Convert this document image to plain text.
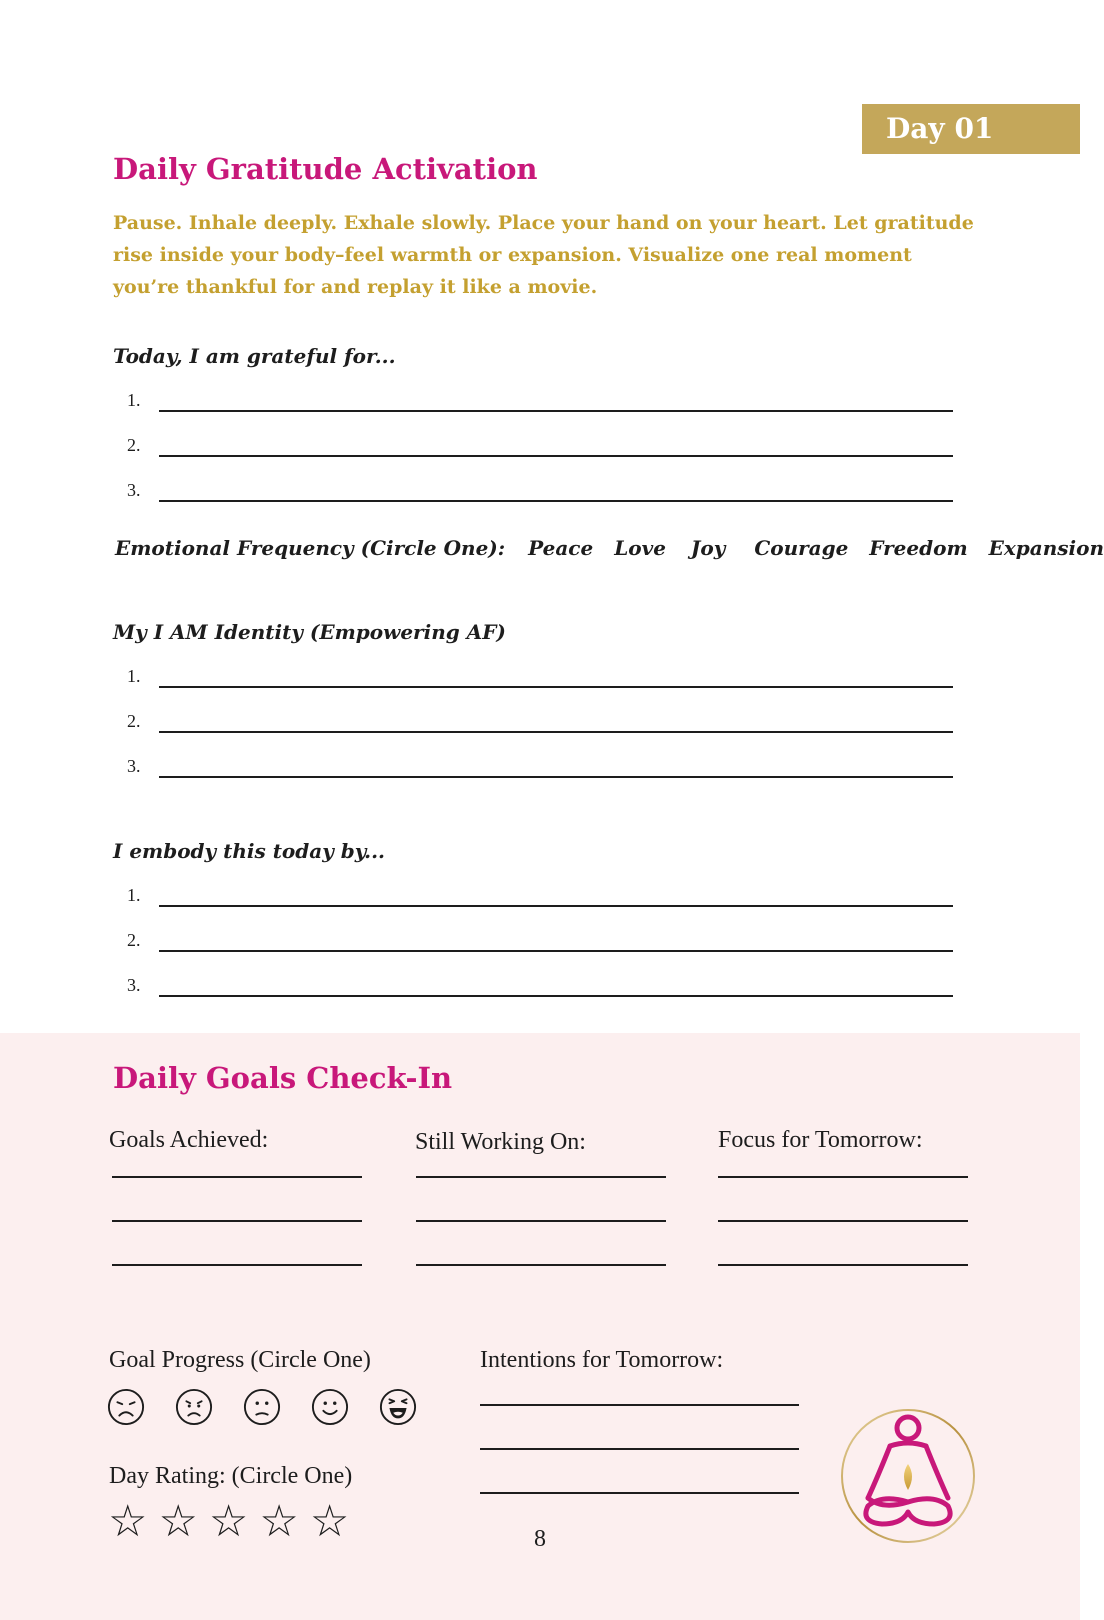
Day 01
Daily Gratitude Activation
Pause. Inhale deeply. Exhale slowly. Place your hand on your heart. Let gratitude rise inside your body–feel warmth or expansion. Visualize one real moment you’re thankful for and replay it like a movie.
Today, I am grateful for...
1.
2.
3.
Emotional Frequency (Circle One): Peace Love Joy Courage Freedom Expansion
My I AM Identity (Empowering AF)
1.
2.
3.
I embody this today by...
1.
2.
3.
Daily Goals Check-In
Goals Achieved:	Still Working On:	Focus for Tomorrow:
Goal Progress (Circle One)	Intentions for Tomorrow:
Day Rating: (Circle One)
☆ ☆ ☆ ☆ ☆	8
